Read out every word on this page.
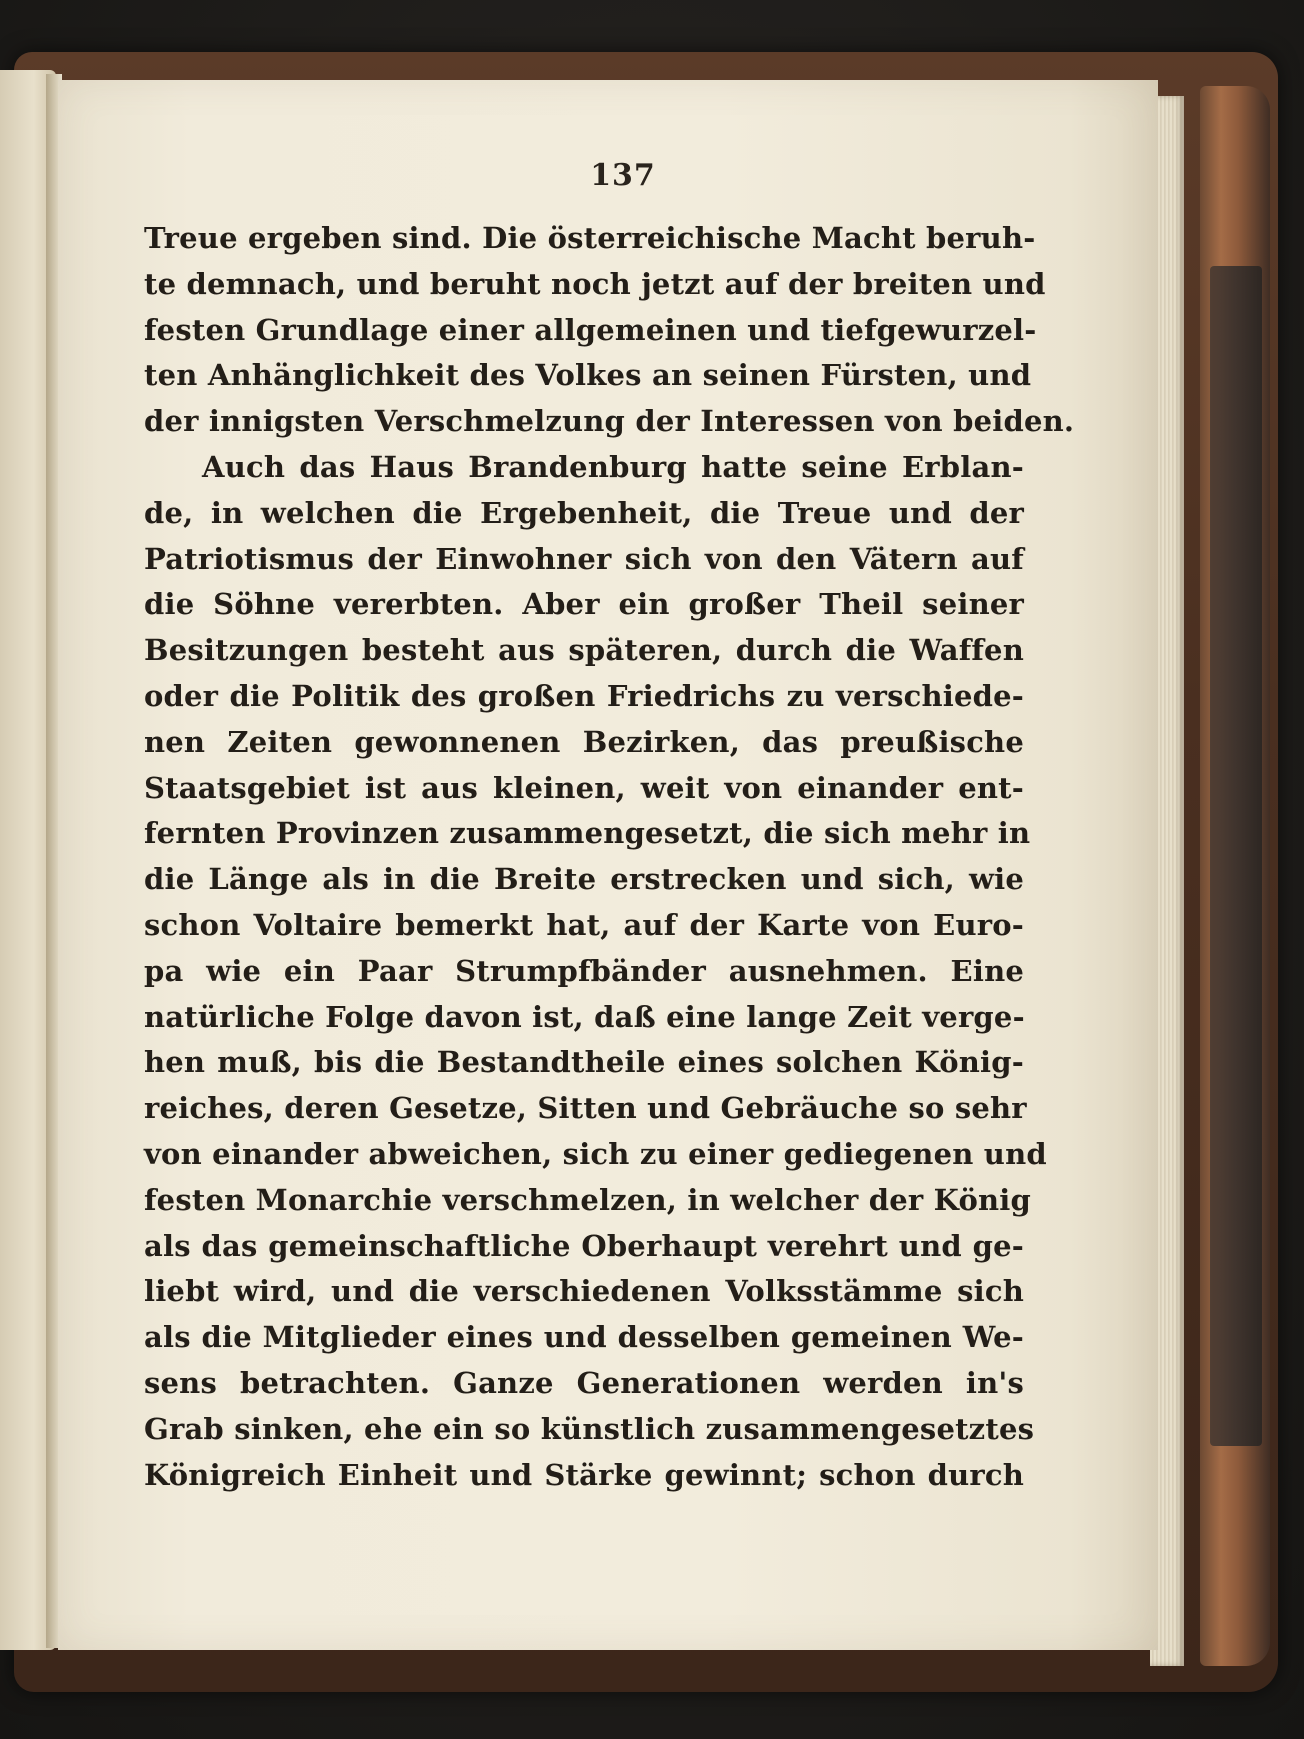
137
Treue ergeben sind. Die österreichische Macht beruh-
te demnach, und beruht noch jetzt auf der breiten und
festen Grundlage einer allgemeinen und tiefgewurzel-
ten Anhänglichkeit des Volkes an seinen Fürsten, und
der innigsten Verschmelzung der Interessen von beiden.
Auch das Haus Brandenburg hatte seine Erblan-
de, in welchen die Ergebenheit, die Treue und der
Patriotismus der Einwohner sich von den Vätern auf
die Söhne vererbten. Aber ein großer Theil seiner
Besitzungen besteht aus späteren, durch die Waffen
oder die Politik des großen Friedrichs zu verschiede-
nen Zeiten gewonnenen Bezirken, das preußische
Staatsgebiet ist aus kleinen, weit von einander ent-
fernten Provinzen zusammengesetzt, die sich mehr in
die Länge als in die Breite erstrecken und sich, wie
schon Voltaire bemerkt hat, auf der Karte von Euro-
pa wie ein Paar Strumpfbänder ausnehmen. Eine
natürliche Folge davon ist, daß eine lange Zeit verge-
hen muß, bis die Bestandtheile eines solchen König-
reiches, deren Gesetze, Sitten und Gebräuche so sehr
von einander abweichen, sich zu einer gediegenen und
festen Monarchie verschmelzen, in welcher der König
als das gemeinschaftliche Oberhaupt verehrt und ge-
liebt wird, und die verschiedenen Volksstämme sich
als die Mitglieder eines und desselben gemeinen We-
sens betrachten. Ganze Generationen werden in's
Grab sinken, ehe ein so künstlich zusammengesetztes
Königreich Einheit und Stärke gewinnt; schon durch
